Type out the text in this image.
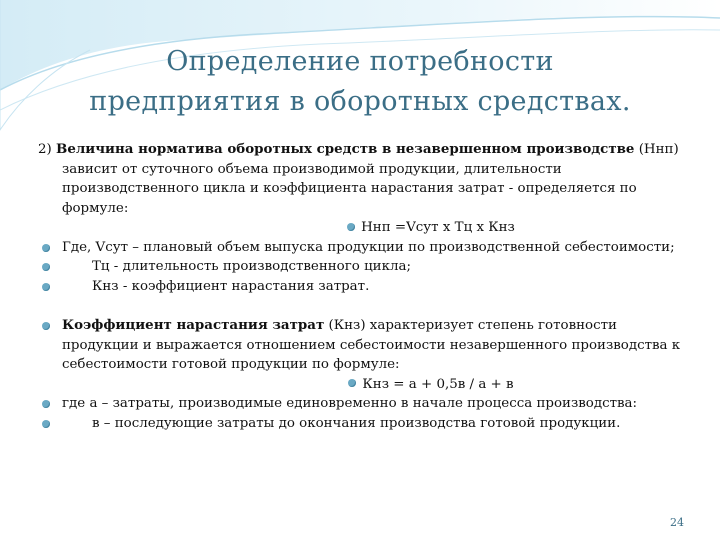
Определение потребности
предприятия в оборотных средствах.

2) Величина норматива оборотных средств в незавершенном производстве (Ннп) зависит от суточного объема производимой продукции, длительности производственного цикла и коэффициента нарастания затрат - определяется по формуле:

Ннп =Vсут х Тц х Кнз

Где, Vсут – плановый объем выпуска продукции по производственной себестоимости;

Тц - длительность производственного цикла;

Кнз - коэффициент нарастания затрат.

Коэффициент нарастания затрат (Кнз) характеризует степень готовности продукции и выражается отношением себестоимости незавершенного производства к себестоимости готовой продукции по формуле:

Кнз = а + 0,5в / а + в

где а – затраты, производимые единовременно в начале процесса производства:

в – последующие затраты до окончания производства готовой продукции.

24
